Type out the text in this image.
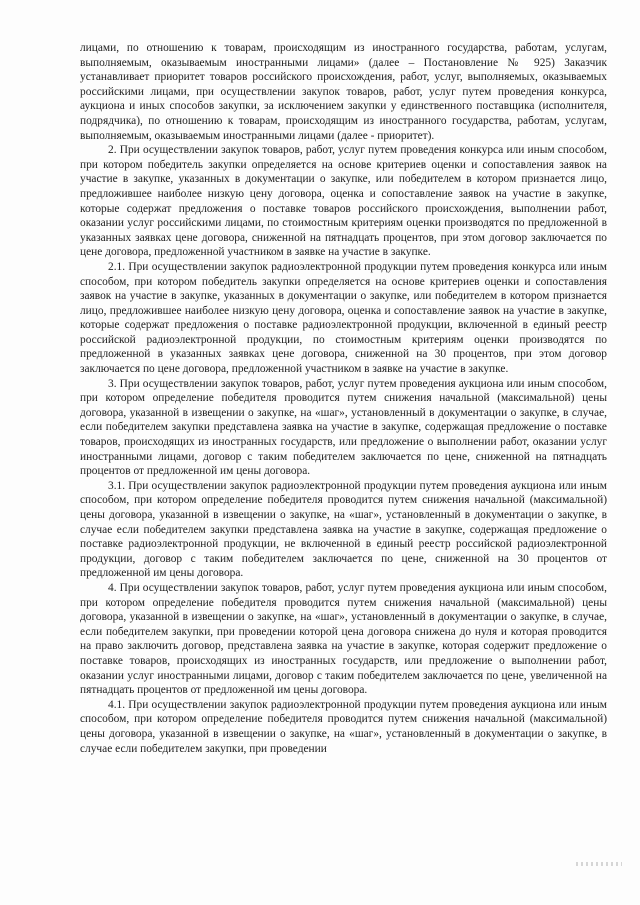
лицами, по отношению к товарам, происходящим из иностранного государства, работам, услугам, выполняемым, оказываемым иностранными лицами» (далее – Постановление № 925) Заказчик устанавливает приоритет товаров российского происхождения, работ, услуг, выполняемых, оказываемых российскими лицами, при осуществлении закупок товаров, работ, услуг путем проведения конкурса, аукциона и иных способов закупки, за исключением закупки у единственного поставщика (исполнителя, подрядчика), по отношению к товарам, происходящим из иностранного государства, работам, услугам, выполняемым, оказываемым иностранными лицами (далее - приоритет).

2. При осуществлении закупок товаров, работ, услуг путем проведения конкурса или иным способом, при котором победитель закупки определяется на основе критериев оценки и сопоставления заявок на участие в закупке, указанных в документации о закупке, или победителем в котором признается лицо, предложившее наиболее низкую цену договора, оценка и сопоставление заявок на участие в закупке, которые содержат предложения о поставке товаров российского происхождения, выполнении работ, оказании услуг российскими лицами, по стоимостным критериям оценки производятся по предложенной в указанных заявках цене договора, сниженной на пятнадцать процентов, при этом договор заключается по цене договора, предложенной участником в заявке на участие в закупке.

2.1. При осуществлении закупок радиоэлектронной продукции путем проведения конкурса или иным способом, при котором победитель закупки определяется на основе критериев оценки и сопоставления заявок на участие в закупке, указанных в документации о закупке, или победителем в котором признается лицо, предложившее наиболее низкую цену договора, оценка и сопоставление заявок на участие в закупке, которые содержат предложения о поставке радиоэлектронной продукции, включенной в единый реестр российской радиоэлектронной продукции, по стоимостным критериям оценки производятся по предложенной в указанных заявках цене договора, сниженной на 30 процентов, при этом договор заключается по цене договора, предложенной участником в заявке на участие в закупке.

3. При осуществлении закупок товаров, работ, услуг путем проведения аукциона или иным способом, при котором определение победителя проводится путем снижения начальной (максимальной) цены договора, указанной в извещении о закупке, на «шаг», установленный в документации о закупке, в случае, если победителем закупки представлена заявка на участие в закупке, содержащая предложение о поставке товаров, происходящих из иностранных государств, или предложение о выполнении работ, оказании услуг иностранными лицами, договор с таким победителем заключается по цене, сниженной на пятнадцать процентов от предложенной им цены договора.

3.1. При осуществлении закупок радиоэлектронной продукции путем проведения аукциона или иным способом, при котором определение победителя проводится путем снижения начальной (максимальной) цены договора, указанной в извещении о закупке, на «шаг», установленный в документации о закупке, в случае если победителем закупки представлена заявка на участие в закупке, содержащая предложение о поставке радиоэлектронной продукции, не включенной в единый реестр российской радиоэлектронной продукции, договор с таким победителем заключается по цене, сниженной на 30 процентов от предложенной им цены договора.

4. При осуществлении закупок товаров, работ, услуг путем проведения аукциона или иным способом, при котором определение победителя проводится путем снижения начальной (максимальной) цены договора, указанной в извещении о закупке, на «шаг», установленный в документации о закупке, в случае, если победителем закупки, при проведении которой цена договора снижена до нуля и которая проводится на право заключить договор, представлена заявка на участие в закупке, которая содержит предложение о поставке товаров, происходящих из иностранных государств, или предложение о выполнении работ, оказании услуг иностранными лицами, договор с таким победителем заключается по цене, увеличенной на пятнадцать процентов от предложенной им цены договора.

4.1. При осуществлении закупок радиоэлектронной продукции путем проведения аукциона или иным способом, при котором определение победителя проводится путем снижения начальной (максимальной) цены договора, указанной в извещении о закупке, на «шаг», установленный в документации о закупке, в случае если победителем закупки, при проведении
